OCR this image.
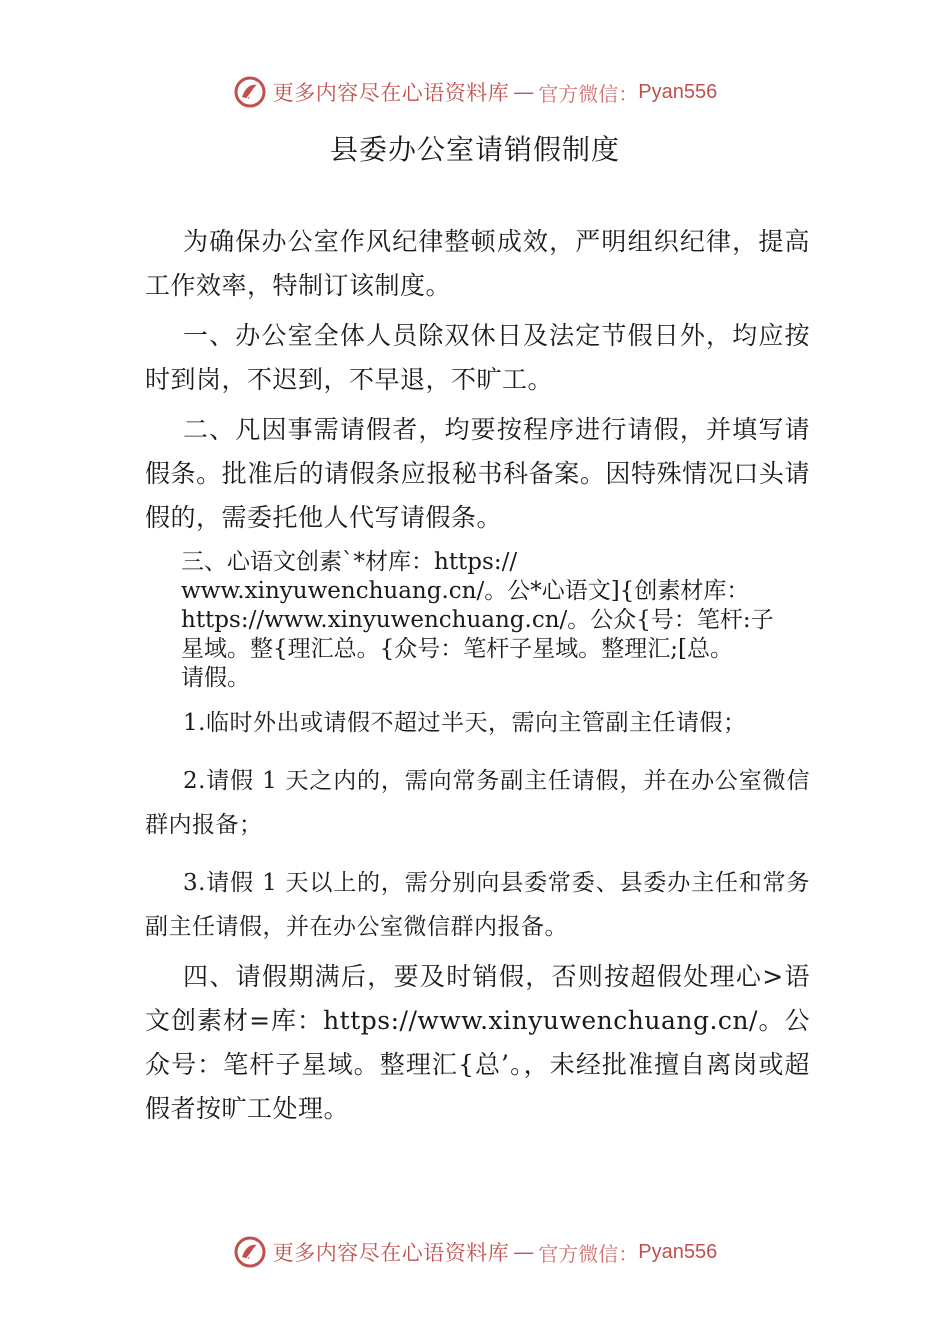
更多内容尽在心语资料库 — 官方微信： Pyan556
县委办公室请销假制度

为确保办公室作风纪律整顿成效，严明组织纪律，提高工作效率，特制订该制度。

一、办公室全体人员除双休日及法定节假日外，均应按时到岗，不迟到，不早退，不旷工。

二、凡因事需请假者，均要按程序进行请假，并填写请假条。批准后的请假条应报秘书科备案。因特殊情况口头请假的，需委托他人代写请假条。

三、心语文创素`*材库：https://
www.xinyuwenchuang.cn/。公*心语文]{创素材库：
https://www.xinyuwenchuang.cn/。公众{号：笔杆:子
星域。整{理汇总。{众号：笔杆子星域。整理汇;[总。
请假。

1.临时外出或请假不超过半天，需向主管副主任请假；

2.请假 1 天之内的，需向常务副主任请假，并在办公室微信群内报备；

3.请假 1 天以上的，需分别向县委常委、县委办主任和常务副主任请假，并在办公室微信群内报备。

四、请假期满后，要及时销假，否则按超假处理心>语文创素材=库：https://www.xinyuwenchuang.cn/。公众号：笔杆子星域。整理汇{总’。，未经批准擅自离岗或超假者按旷工处理。

更多内容尽在心语资料库 — 官方微信： Pyan556
